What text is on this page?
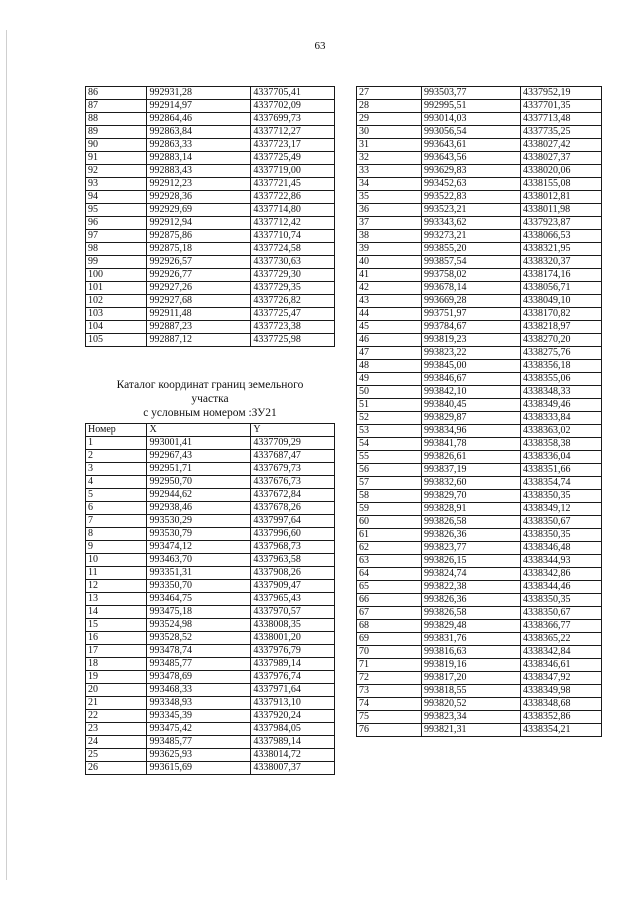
63
86	992931,28	4337705,41
87	992914,97	4337702,09
88	992864,46	4337699,73
89	992863,84	4337712,27
90	992863,33	4337723,17
91	992883,14	4337725,49
92	992883,43	4337719,00
93	992912,23	4337721,45
94	992928,36	4337722,86
95	992929,69	4337714,80
96	992912,94	4337712,42
97	992875,86	4337710,74
98	992875,18	4337724,58
99	992926,57	4337730,63
100	992926,77	4337729,30
101	992927,26	4337729,35
102	992927,68	4337726,82
103	992911,48	4337725,47
104	992887,23	4337723,38
105	992887,12	4337725,98
Каталог координат границ земельного
участка
с условным номером :ЗУ21
Номер	X	Y
1	993001,41	4337709,29
2	992967,43	4337687,47
3	992951,71	4337679,73
4	992950,70	4337676,73
5	992944,62	4337672,84
6	992938,46	4337678,26
7	993530,29	4337997,64
8	993530,79	4337996,60
9	993474,12	4337968,73
10	993463,70	4337963,58
11	993351,31	4337908,26
12	993350,70	4337909,47
13	993464,75	4337965,43
14	993475,18	4337970,57
15	993524,98	4338008,35
16	993528,52	4338001,20
17	993478,74	4337976,79
18	993485,77	4337989,14
19	993478,69	4337976,74
20	993468,33	4337971,64
21	993348,93	4337913,10
22	993345,39	4337920,24
23	993475,42	4337984,05
24	993485,77	4337989,14
25	993625,93	4338014,72
26	993615,69	4338007,37
27	993503,77	4337952,19
28	992995,51	4337701,35
29	993014,03	4337713,48
30	993056,54	4337735,25
31	993643,61	4338027,42
32	993643,56	4338027,37
33	993629,83	4338020,06
34	993452,63	4338155,08
35	993522,83	4338012,81
36	993523,21	4338011,98
37	993343,62	4337923,87
38	993273,21	4338066,53
39	993855,20	4338321,95
40	993857,54	4338320,37
41	993758,02	4338174,16
42	993678,14	4338056,71
43	993669,28	4338049,10
44	993751,97	4338170,82
45	993784,67	4338218,97
46	993819,23	4338270,20
47	993823,22	4338275,76
48	993845,00	4338356,18
49	993846,67	4338355,06
50	993842,10	4338348,33
51	993840,45	4338349,46
52	993829,87	4338333,84
53	993834,96	4338363,02
54	993841,78	4338358,38
55	993826,61	4338336,04
56	993837,19	4338351,66
57	993832,60	4338354,74
58	993829,70	4338350,35
59	993828,91	4338349,12
60	993826,58	4338350,67
61	993826,36	4338350,35
62	993823,77	4338346,48
63	993826,15	4338344,93
64	993824,74	4338342,86
65	993822,38	4338344,46
66	993826,36	4338350,35
67	993826,58	4338350,67
68	993829,48	4338366,77
69	993831,76	4338365,22
70	993816,63	4338342,84
71	993819,16	4338346,61
72	993817,20	4338347,92
73	993818,55	4338349,98
74	993820,52	4338348,68
75	993823,34	4338352,86
76	993821,31	4338354,21
